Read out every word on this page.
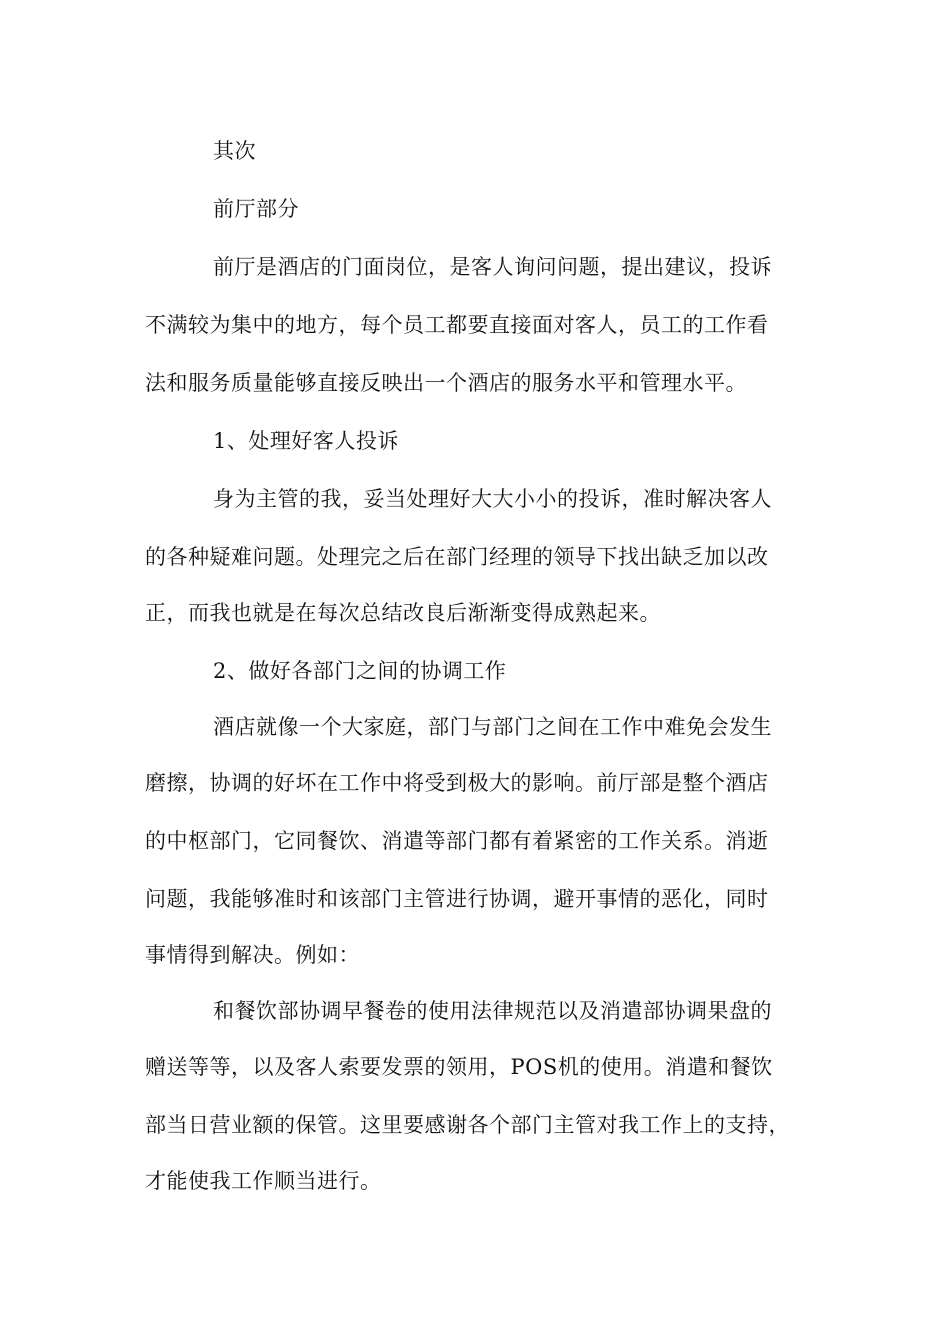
其次
前厅部分
前厅是酒店的门面岗位，是客人询问问题，提出建议，投诉
不满较为集中的地方，每个员工都要直接面对客人，员工的工作看
法和服务质量能够直接反映出一个酒店的服务水平和管理水平。
1、处理好客人投诉
身为主管的我，妥当处理好大大小小的投诉，准时解决客人
的各种疑难问题。处理完之后在部门经理的领导下找出缺乏加以改
正，而我也就是在每次总结改良后渐渐变得成熟起来。
2、做好各部门之间的协调工作
酒店就像一个大家庭，部门与部门之间在工作中难免会发生
磨擦，协调的好坏在工作中将受到极大的影响。前厅部是整个酒店
的中枢部门，它同餐饮、消遣等部门都有着紧密的工作关系。消逝
问题，我能够准时和该部门主管进行协调，避开事情的恶化，同时
事情得到解决。例如：
和餐饮部协调早餐卷的使用法律规范以及消遣部协调果盘的
赠送等等，以及客人索要发票的领用，POS机的使用。消遣和餐饮
部当日营业额的保管。这里要感谢各个部门主管对我工作上的支持，
才能使我工作顺当进行。
